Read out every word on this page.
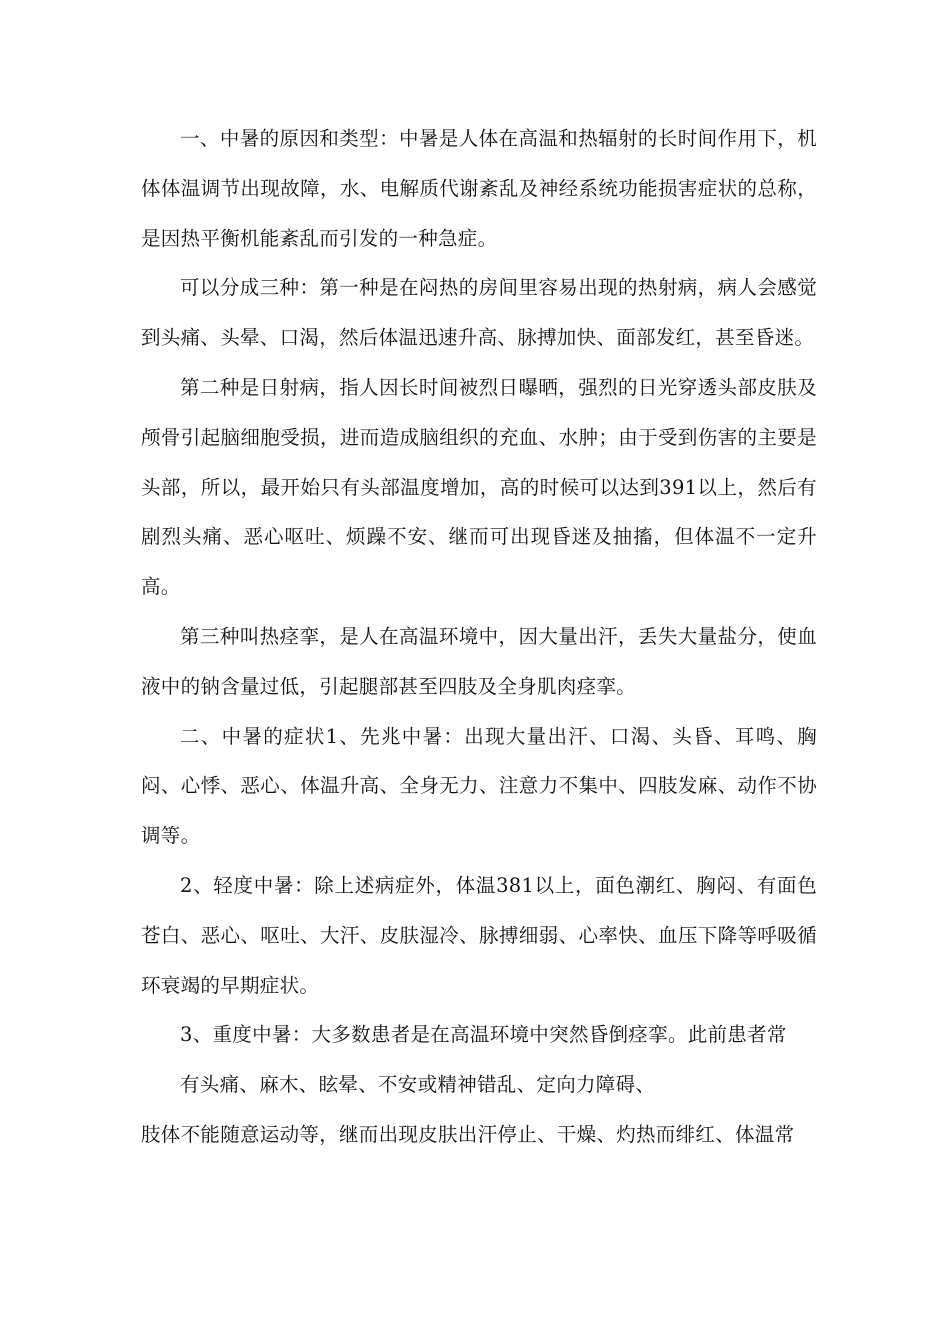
一、中暑的原因和类型：中暑是人体在高温和热辐射的长时间作用下，机体体温调节出现故障，水、电解质代谢紊乱及神经系统功能损害症状的总称，是因热平衡机能紊乱而引发的一种急症。

可以分成三种：第一种是在闷热的房间里容易出现的热射病，病人会感觉到头痛、头晕、口渴，然后体温迅速升高、脉搏加快、面部发红，甚至昏迷。

第二种是日射病，指人因长时间被烈日曝晒，强烈的日光穿透头部皮肤及颅骨引起脑细胞受损，进而造成脑组织的充血、水肿；由于受到伤害的主要是头部，所以，最开始只有头部温度增加，高的时候可以达到391以上，然后有剧烈头痛、恶心呕吐、烦躁不安、继而可出现昏迷及抽搐，但体温不一定升高。

第三种叫热痉挛，是人在高温环境中，因大量出汗，丢失大量盐分，使血液中的钠含量过低，引起腿部甚至四肢及全身肌肉痉挛。

二、中暑的症状1、先兆中暑：出现大量出汗、口渴、头昏、耳鸣、胸闷、心悸、恶心、体温升高、全身无力、注意力不集中、四肢发麻、动作不协调等。

2、轻度中暑：除上述病症外，体温381以上，面色潮红、胸闷、有面色苍白、恶心、呕吐、大汗、皮肤湿冷、脉搏细弱、心率快、血压下降等呼吸循环衰竭的早期症状。

3、重度中暑：大多数患者是在高温环境中突然昏倒痉挛。此前患者常

有头痛、麻木、眩晕、不安或精神错乱、定向力障碍、

肢体不能随意运动等，继而出现皮肤出汗停止、干燥、灼热而绯红、体温常
